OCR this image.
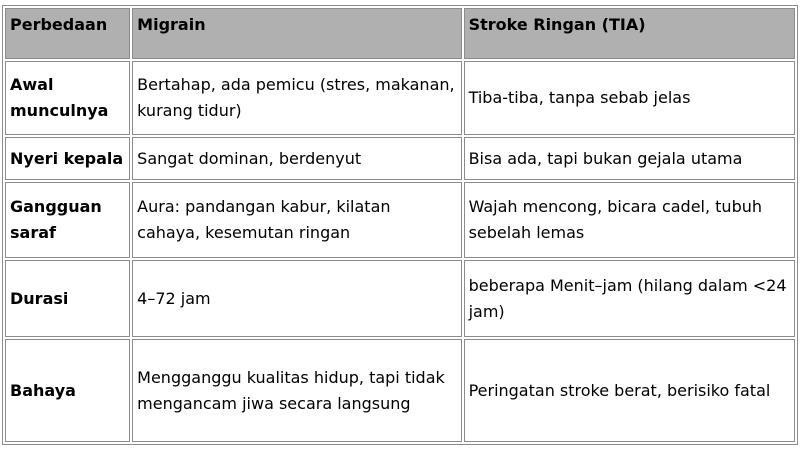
Perbedaan	Migrain	Stroke Ringan (TIA)
Awal munculnya	Bertahap, ada pemicu (stres, makanan, kurang tidur)	Tiba-tiba, tanpa sebab jelas
Nyeri kepala	Sangat dominan, berdenyut	Bisa ada, tapi bukan gejala utama
Gangguan saraf	Aura: pandangan kabur, kilatan cahaya, kesemutan ringan	Wajah mencong, bicara cadel, tubuh sebelah lemas
Durasi	4–72 jam	beberapa Menit–jam (hilang dalam <24 jam)
Bahaya	Mengganggu kualitas hidup, tapi tidak mengancam jiwa secara langsung	Peringatan stroke berat, berisiko fatal
